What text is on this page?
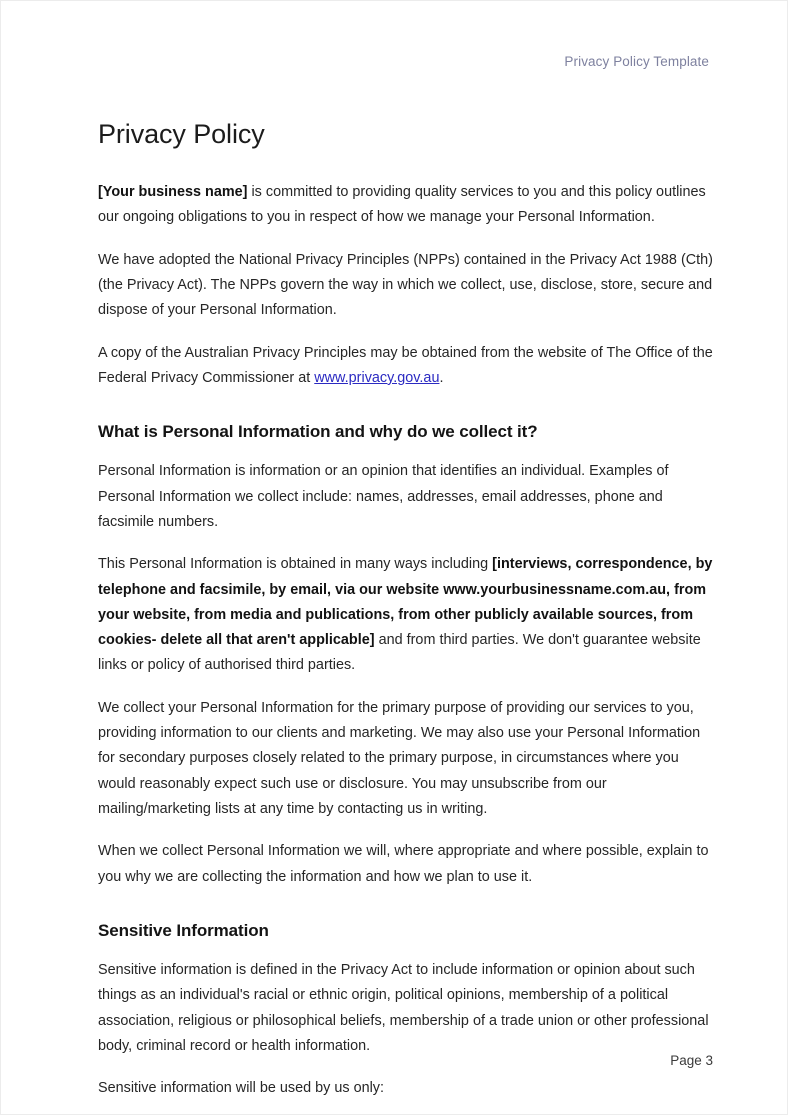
Privacy Policy Template
Privacy Policy

[Your business name] is committed to providing quality services to you and this policy outlines our ongoing obligations to you in respect of how we manage your Personal Information.

We have adopted the National Privacy Principles (NPPs) contained in the Privacy Act 1988 (Cth) (the Privacy Act). The NPPs govern the way in which we collect, use, disclose, store, secure and dispose of your Personal Information.

A copy of the Australian Privacy Principles may be obtained from the website of The Office of the Federal Privacy Commissioner at www.privacy.gov.au.

What is Personal Information and why do we collect it?

Personal Information is information or an opinion that identifies an individual. Examples of Personal Information we collect include: names, addresses, email addresses, phone and facsimile numbers.

This Personal Information is obtained in many ways including [interviews, correspondence, by telephone and facsimile, by email, via our website www.yourbusinessname.com.au, from your website, from media and publications, from other publicly available sources, from cookies- delete all that aren't applicable] and from third parties. We don't guarantee website links or policy of authorised third parties.

We collect your Personal Information for the primary purpose of providing our services to you, providing information to our clients and marketing. We may also use your Personal Information for secondary purposes closely related to the primary purpose, in circumstances where you would reasonably expect such use or disclosure. You may unsubscribe from our mailing/marketing lists at any time by contacting us in writing.

When we collect Personal Information we will, where appropriate and where possible, explain to you why we are collecting the information and how we plan to use it.

Sensitive Information

Sensitive information is defined in the Privacy Act to include information or opinion about such things as an individual's racial or ethnic origin, political opinions, membership of a political association, religious or philosophical beliefs, membership of a trade union or other professional body, criminal record or health information.

Sensitive information will be used by us only:

Page 3
